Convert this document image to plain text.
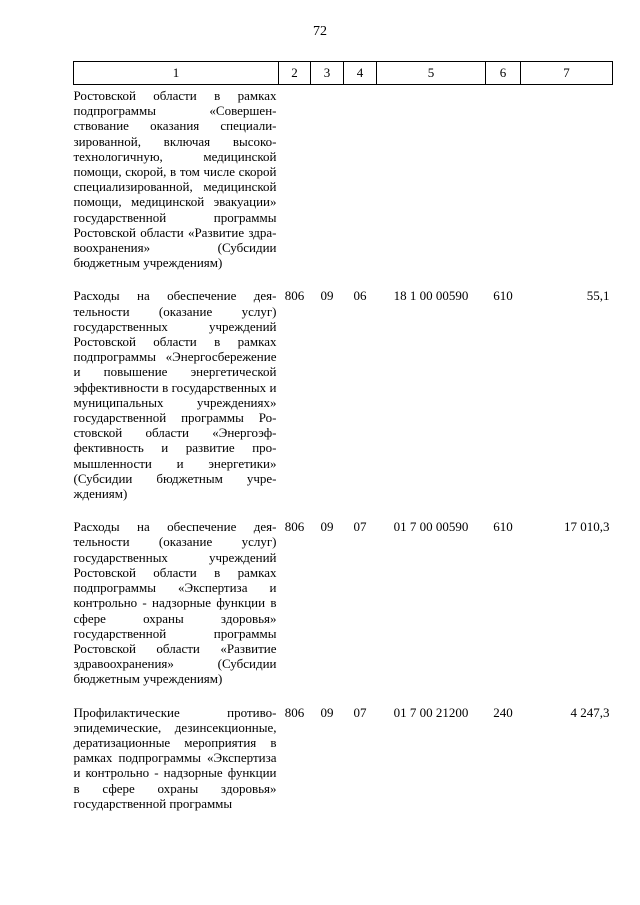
72
1	2	3	4	5	6	7
Ростовской области в рамках подпрограммы «Совершенствование оказания специализированной, включая высокотехнологичную, медицинской помощи, скорой, в том числе скорой специализированной, медицинской помощи, медицинской эвакуации» государственной программы Ростовской области «Развитие здравоохранения» (Субсидии бюджетным учреждениям)						
Расходы на обеспечение деятельности (оказание услуг) государственных учреждений Ростовской области в рамках подпрограммы «Энергосбережение и повышение энергетической эффективности в государственных и муниципальных учреждениях» государственной программы Ростовской области «Энергоэффективность и развитие промышленности и энергетики» (Субсидии бюджетным учреждениям)	806	09	06	18 1 00 00590	610	55,1
Расходы на обеспечение деятельности (оказание услуг) государственных учреждений Ростовской области в рамках подпрограммы «Экспертиза и контрольно - надзорные функции в сфере охраны здоровья» государственной программы Ростовской области «Развитие здравоохранения» (Субсидии бюджетным учреждениям)	806	09	07	01 7 00 00590	610	17 010,3
Профилактические противоэпидемические, дезинсекционные, дератизационные мероприятия в рамках подпрограммы «Экспертиза и контрольно - надзорные функции в сфере охраны здоровья» государственной программы	806	09	07	01 7 00 21200	240	4 247,3
